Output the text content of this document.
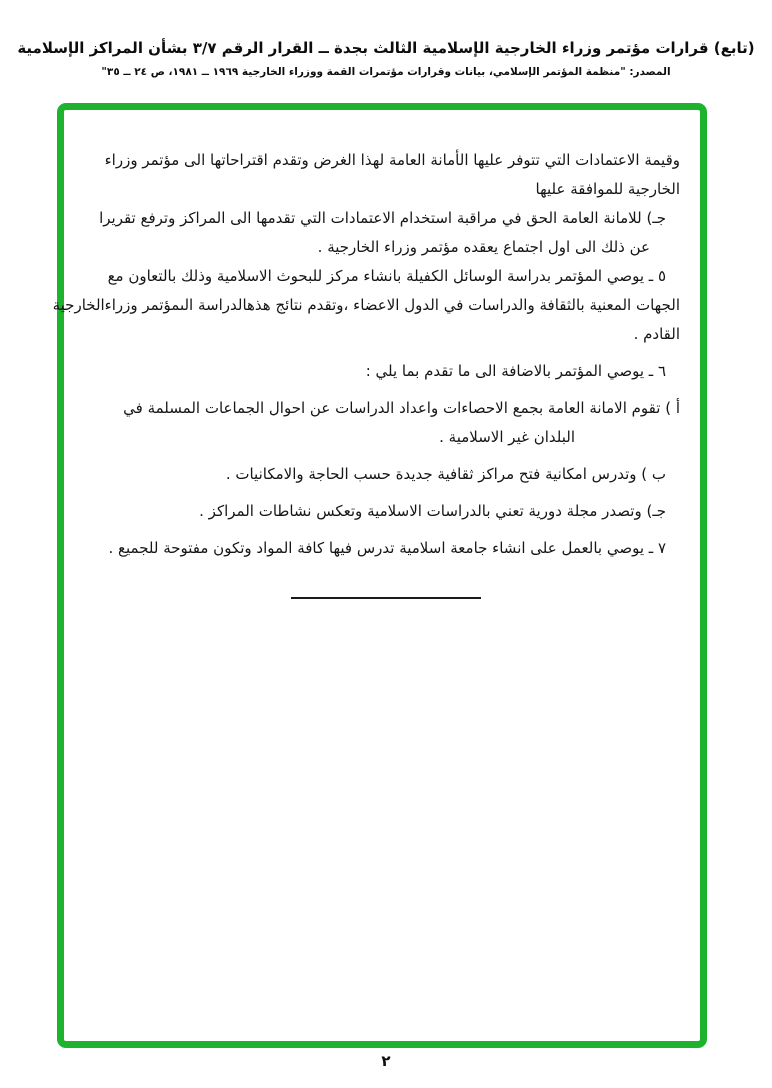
(تابع) قرارات مؤتمر وزراء الخارجية الإسلامية الثالث بجدة ــ القرار الرقم ٣/٧ بشأن المراكز الإسلامية
المصدر: "منظمة المؤتمر الإسلامي، بيانات وقرارات مؤتمرات القمة ووزراء الخارجية ١٩٦٩ ــ ١٩٨١، ص ٢٤ ــ ٣٥"
وقيمة الاعتمادات التي تتوفر عليها الأمانة العامة لهذا الغرض وتقدم اقتراحاتها الى مؤتمر وزراء
الخارجية للموافقة عليها
جـ) للامانة العامة الحق في مراقبة استخدام الاعتمادات التي تقدمها الى المراكز وترفع تقريرا
عن ذلك الى اول اجتماع يعقده مؤتمر وزراء الخارجية .
٥ ـ يوصي المؤتمر بدراسة الوسائل الكفيلة بانشاء مركز للبحوث الاسلامية وذلك بالتعاون مع
الجهات المعنية بالثقافة والدراسات في الدول الاعضاء ،وتقدم نتائج هذهالدراسة الىمؤتمر وزراءالخارجية
القادم .
٦ ـ يوصي المؤتمر بالاضافة الى ما تقدم بما يلي :
أ ) تقوم الامانة العامة بجمع الاحصاءات واعداد الدراسات عن احوال الجماعات المسلمة في
البلدان غير الاسلامية .
ب ) وتدرس امكانية فتح مراكز ثقافية جديدة حسب الحاجة والامكانيات .
جـ) وتصدر مجلة دورية تعني بالدراسات الاسلامية وتعكس نشاطات المراكز .
٧ ـ يوصي بالعمل على انشاء جامعة اسلامية تدرس فيها كافة المواد وتكون مفتوحة للجميع .
٢
